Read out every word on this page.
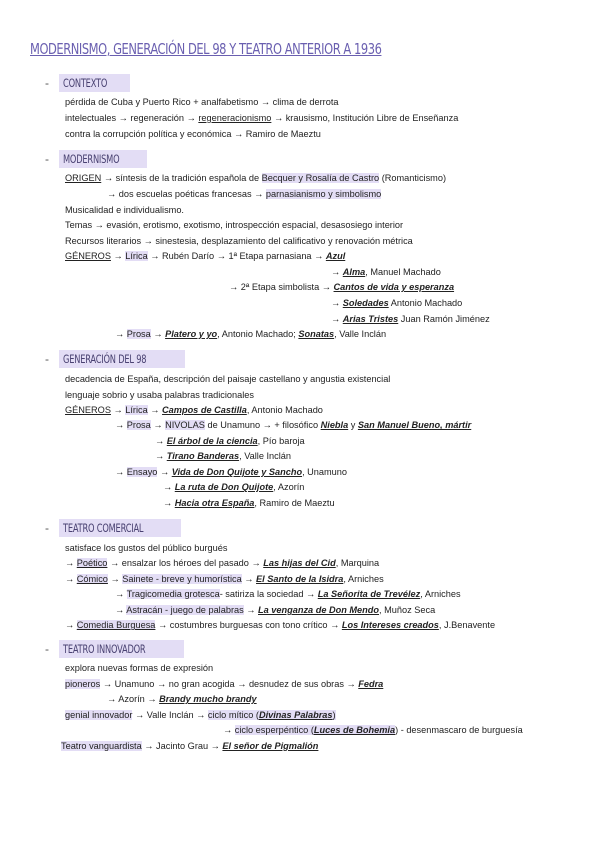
MODERNISMO, GENERACIÓN DEL 98 Y TEATRO ANTERIOR A 1936
-	CONTEXTO
pérdida de Cuba y Puerto Rico + analfabetismo → clima de derrota
intelectuales → regeneración → regeneracionismo → krausismo, Institución Libre de Enseñanza
contra la corrupción política y económica → Ramiro de Maeztu
-	MODERNISMO
ORIGEN → síntesis de la tradición española de Becquer y Rosalía de Castro (Romanticismo)
→ dos escuelas poéticas francesas → parnasianismo y simbolismo
Musicalidad e individualismo.
Temas → evasión, erotismo, exotismo, introspección espacial, desasosiego interior
Recursos literarios → sinestesia, desplazamiento del calificativo y renovación métrica
GÉNEROS → Lírica → Rubén Darío → 1ª Etapa parnasiana → Azul
→ Alma, Manuel Machado
→ 2ª Etapa simbolista → Cantos de vida y esperanza
→ Soledades Antonio Machado
→ Arias Tristes Juan Ramón Jiménez
→ Prosa → Platero y yo, Antonio Machado; Sonatas, Valle Inclán
-	GENERACIÓN DEL 98
decadencia de España, descripción del paisaje castellano y angustia existencial
lenguaje sobrio y usaba palabras tradicionales
GÉNEROS → Lírica → Campos de Castilla, Antonio Machado
→ Prosa → NIVOLAS de Unamuno → + filosófico Niebla y San Manuel Bueno, mártir
→ El árbol de la ciencia, Pío baroja
→ Tirano Banderas, Valle Inclán
→ Ensayo → Vida de Don Quijote y Sancho, Unamuno
→ La ruta de Don Quijote, Azorín
→ Hacia otra España, Ramiro de Maeztu
-	TEATRO COMERCIAL
satisface los gustos del público burgués
→ Poético → ensalzar los héroes del pasado → Las hijas del Cid, Marquina
→ Cómico → Sainete - breve y humorística → El Santo de la Isidra, Arniches
→ Tragicomedia grotesca- satiriza la sociedad → La Señorita de Trevélez, Arniches
→ Astracán - juego de palabras → La venganza de Don Mendo, Muñoz Seca
→ Comedia Burguesa → costumbres burguesas con tono crítico → Los Intereses creados, J.Benavente
-	TEATRO INNOVADOR
explora nuevas formas de expresión
pioneros → Unamuno → no gran acogida → desnudez de sus obras → Fedra
→ Azorín → Brandy mucho brandy
genial innovador → Valle Inclán → ciclo mítico (Divinas Palabras)
→ ciclo esperpéntico (Luces de Bohemia) - desenmascaro de burguesía
Teatro vanguardista → Jacinto Grau → El señor de Pigmalión
